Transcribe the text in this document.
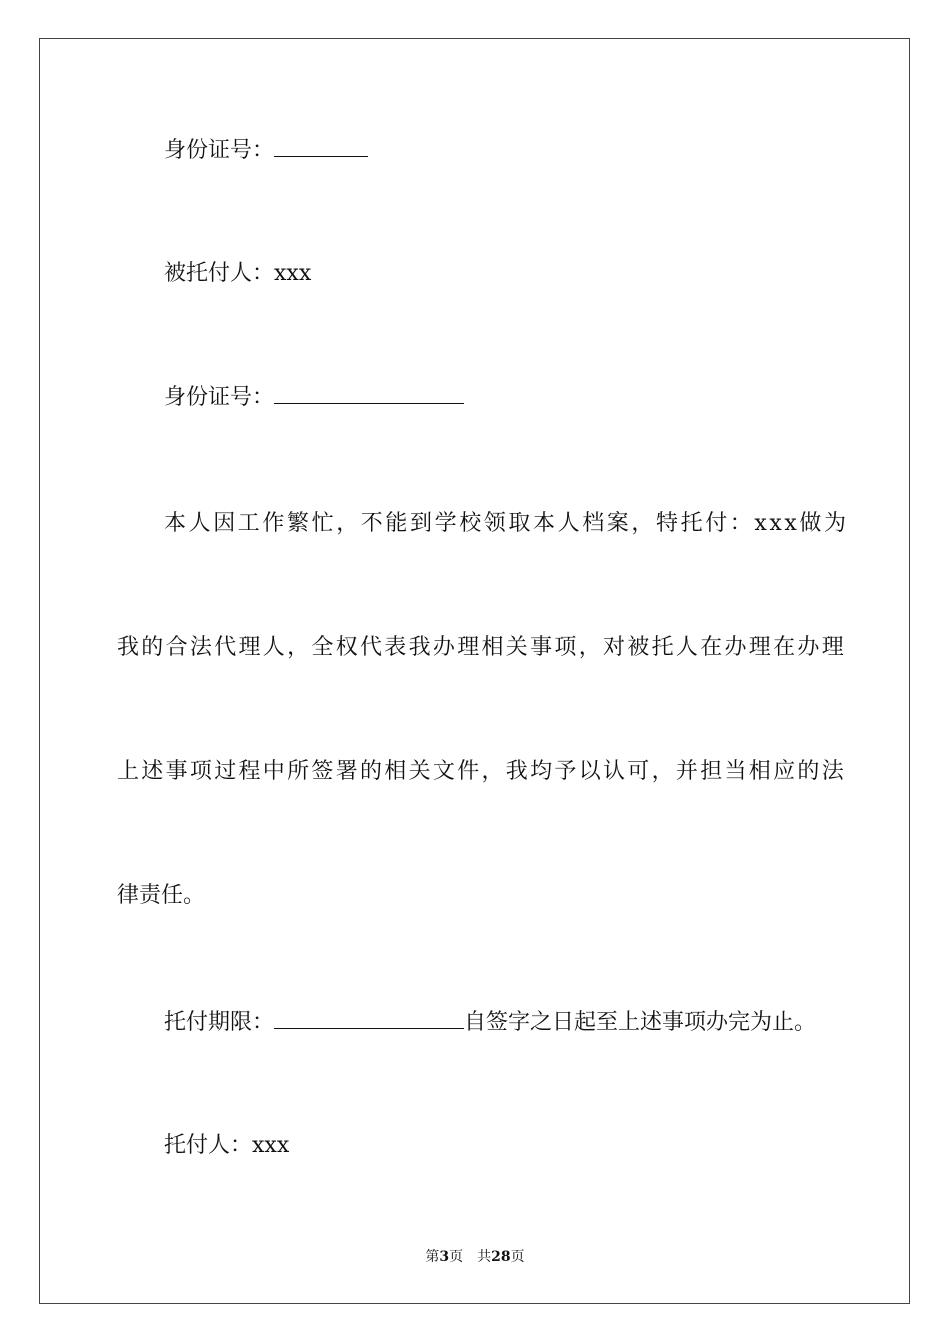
身份证号：
被托付人：xxx
身份证号：
本人因工作繁忙，不能到学校领取本人档案，特托付：xxx做为
我的合法代理人，全权代表我办理相关事项，对被托人在办理在办理
上述事项过程中所签署的相关文件，我均予以认可，并担当相应的法
律责任。
托付期限：	自签字之日起至上述事项办完为止。
托付人：xxx
第3页　共28页
